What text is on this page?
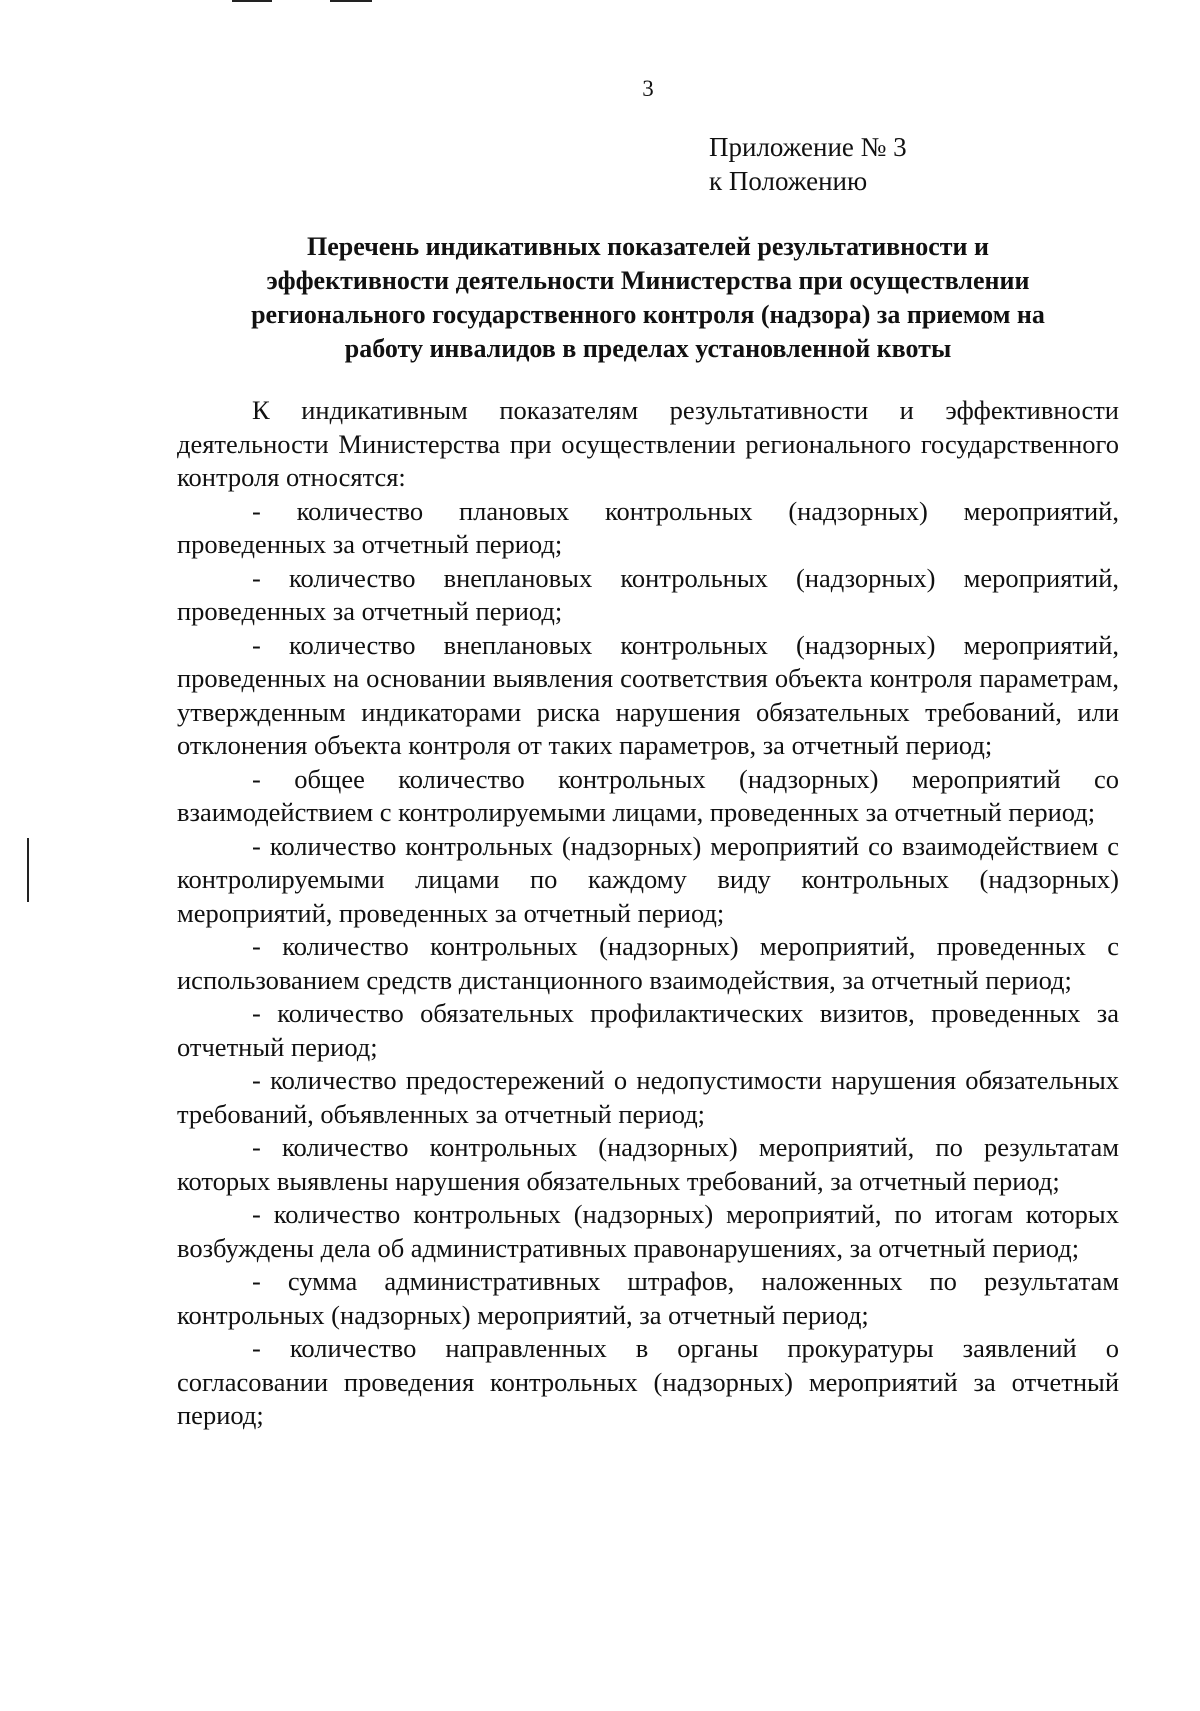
3
Приложение № 3
к Положению
Перечень индикативных показателей результативности и
эффективности деятельности Министерства при осуществлении
регионального государственного контроля (надзора) за приемом на
работу инвалидов в пределах установленной квоты

К индикативным показателям результативности и эффективности деятельности Министерства при осуществлении регионального государственного контроля относятся:

- количество плановых контрольных (надзорных) мероприятий, проведенных за отчетный период;

- количество внеплановых контрольных (надзорных) мероприятий, проведенных за отчетный период;

- количество внеплановых контрольных (надзорных) мероприятий, проведенных на основании выявления соответствия объекта контроля параметрам, утвержденным индикаторами риска нарушения обязательных требований, или отклонения объекта контроля от таких параметров, за отчетный период;

- общее количество контрольных (надзорных) мероприятий со взаимодействием с контролируемыми лицами, проведенных за отчетный период;

- количество контрольных (надзорных) мероприятий со взаимодействием с контролируемыми лицами по каждому виду контрольных (надзорных) мероприятий, проведенных за отчетный период;

- количество контрольных (надзорных) мероприятий, проведенных с использованием средств дистанционного взаимодействия, за отчетный период;

- количество обязательных профилактических визитов, проведенных за отчетный период;

- количество предостережений о недопустимости нарушения обязательных требований, объявленных за отчетный период;

- количество контрольных (надзорных) мероприятий, по результатам которых выявлены нарушения обязательных требований, за отчетный период;

- количество контрольных (надзорных) мероприятий, по итогам которых возбуждены дела об административных правонарушениях, за отчетный период;

- сумма административных штрафов, наложенных по результатам контрольных (надзорных) мероприятий, за отчетный период;

- количество направленных в органы прокуратуры заявлений о согласовании проведения контрольных (надзорных) мероприятий за отчетный период;
